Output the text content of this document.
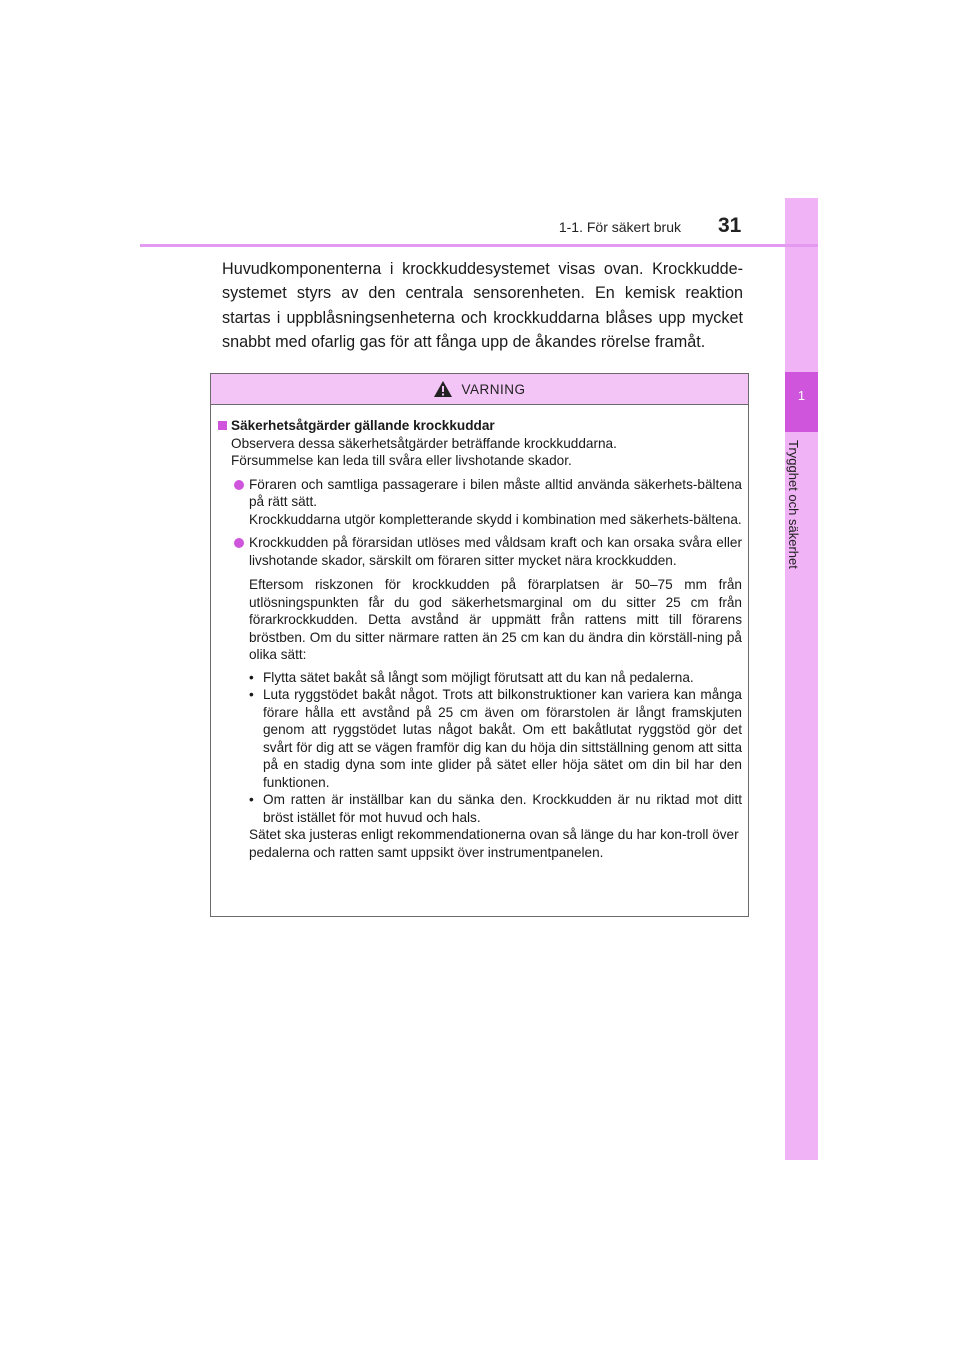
1
Trygghet och säkerhet
1-1. För säkert bruk 31

Huvudkomponenterna i krockkuddesystemet visas ovan. Krockkudde-systemet styrs av den centrala sensorenheten. En kemisk reaktion startas i uppblåsningsenheterna och krockkuddarna blåses upp mycket snabbt med ofarlig gas för att fånga upp de åkandes rörelse framåt.

VARNING
Säkerhetsåtgärder gällande krockkuddar

Observera dessa säkerhetsåtgärder beträffande krockkuddarna.

Försummelse kan leda till svåra eller livshotande skador.

Föraren och samtliga passagerare i bilen måste alltid använda säkerhets-bältena på rätt sätt.

Krockkuddarna utgör kompletterande skydd i kombination med säkerhets-bältena.

Krockkudden på förarsidan utlöses med våldsam kraft och kan orsaka svåra eller livshotande skador, särskilt om föraren sitter mycket nära krockkudden.

Eftersom riskzonen för krockkudden på förarplatsen är 50–75 mm från utlösningspunkten får du god säkerhetsmarginal om du sitter 25 cm från förarkrockkudden. Detta avstånd är uppmätt från rattens mitt till förarens bröstben. Om du sitter närmare ratten än 25 cm kan du ändra din körställ-ning på olika sätt:

• Flytta sätet bakåt så långt som möjligt förutsatt att du kan nå pedalerna.
• Luta ryggstödet bakåt något. Trots att bilkonstruktioner kan variera kan många förare hålla ett avstånd på 25 cm även om förarstolen är långt framskjuten genom att ryggstödet lutas något bakåt. Om ett bakåtlutat ryggstöd gör det svårt för dig att se vägen framför dig kan du höja din sittställning genom att sitta på en stadig dyna som inte glider på sätet eller höja sätet om din bil har den funktionen.
• Om ratten är inställbar kan du sänka den. Krockkudden är nu riktad mot ditt bröst istället för mot huvud och hals.

Sätet ska justeras enligt rekommendationerna ovan så länge du har kon-troll över pedalerna och ratten samt uppsikt över instrumentpanelen.
